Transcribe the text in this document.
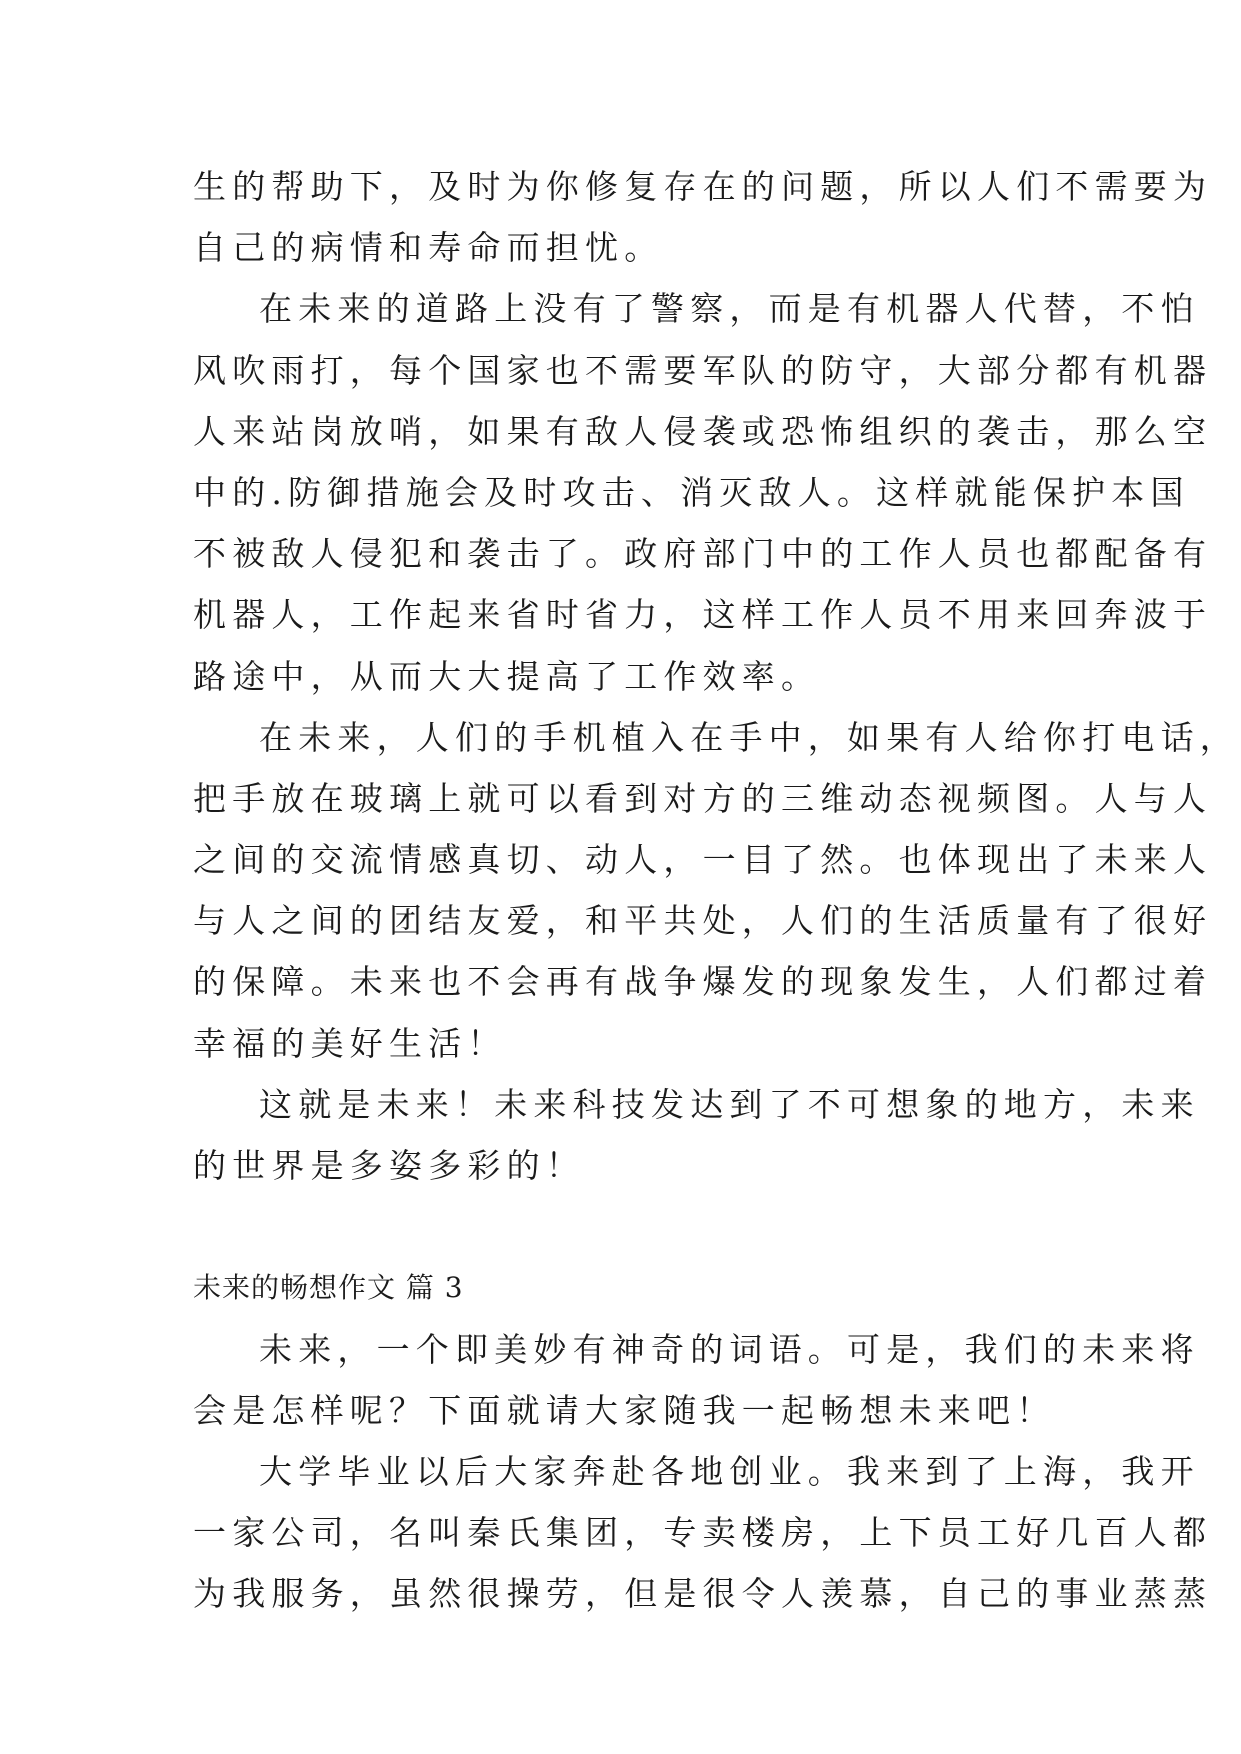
生的帮助下，及时为你修复存在的问题，所以人们不需要为
自己的病情和寿命而担忧。
在未来的道路上没有了警察，而是有机器人代替，不怕
风吹雨打，每个国家也不需要军队的防守，大部分都有机器
人来站岗放哨，如果有敌人侵袭或恐怖组织的袭击，那么空
中的.防御措施会及时攻击、消灭敌人。这样就能保护本国
不被敌人侵犯和袭击了。政府部门中的工作人员也都配备有
机器人，工作起来省时省力，这样工作人员不用来回奔波于
路途中，从而大大提高了工作效率。
在未来，人们的手机植入在手中，如果有人给你打电话，
把手放在玻璃上就可以看到对方的三维动态视频图。人与人
之间的交流情感真切、动人，一目了然。也体现出了未来人
与人之间的团结友爱，和平共处，人们的生活质量有了很好
的保障。未来也不会再有战争爆发的现象发生，人们都过着
幸福的美好生活！
这就是未来！未来科技发达到了不可想象的地方，未来
的世界是多姿多彩的！
未来的畅想作文 篇 3
未来，一个即美妙有神奇的词语。可是，我们的未来将
会是怎样呢？下面就请大家随我一起畅想未来吧！
大学毕业以后大家奔赴各地创业。我来到了上海，我开
一家公司，名叫秦氏集团，专卖楼房，上下员工好几百人都
为我服务，虽然很操劳，但是很令人羡慕，自己的事业蒸蒸
